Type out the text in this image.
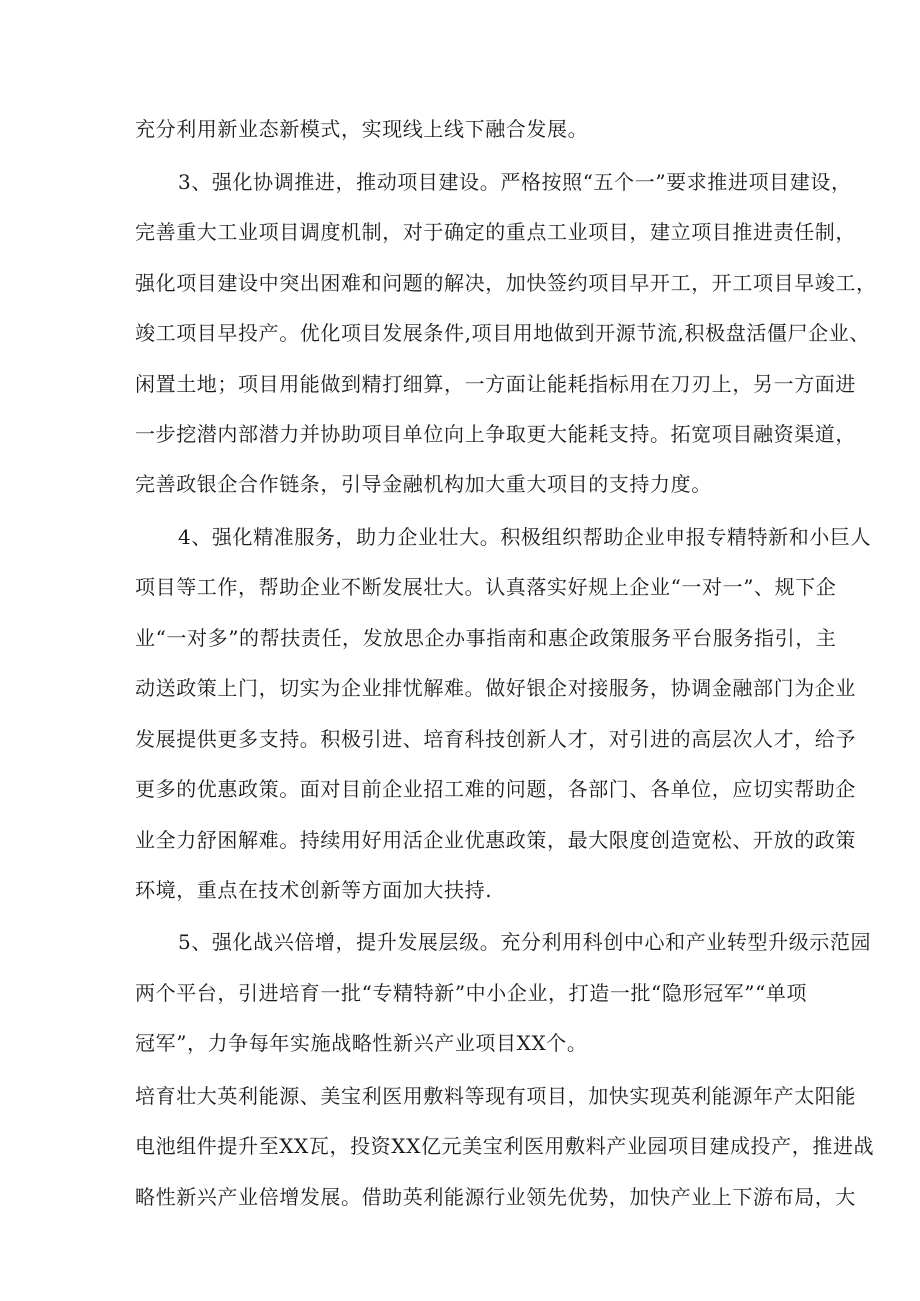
充分利用新业态新模式，实现线上线下融合发展。
3、强化协调推进，推动项目建设。严格按照“五个一”要求推进项目建设，
完善重大工业项目调度机制，对于确定的重点工业项目，建立项目推进责任制，
强化项目建设中突出困难和问题的解决，加快签约项目早开工，开工项目早竣工，
竣工项目早投产。优化项目发展条件,项目用地做到开源节流,积极盘活僵尸企业、
闲置土地；项目用能做到精打细算，一方面让能耗指标用在刀刃上，另一方面进
一步挖潜内部潜力并协助项目单位向上争取更大能耗支持。拓宽项目融资渠道，
完善政银企合作链条，引导金融机构加大重大项目的支持力度。
4、强化精准服务，助力企业壮大。积极组织帮助企业申报专精特新和小巨人
项目等工作，帮助企业不断发展壮大。认真落实好规上企业“一对一”、规下企
业“一对多”的帮扶责任，发放思企办事指南和惠企政策服务平台服务指引，主
动送政策上门，切实为企业排忧解难。做好银企对接服务，协调金融部门为企业
发展提供更多支持。积极引进、培育科技创新人才，对引进的高层次人才，给予
更多的优惠政策。面对目前企业招工难的问题，各部门、各单位，应切实帮助企
业全力舒困解难。持续用好用活企业优惠政策，最大限度创造宽松、开放的政策
环境，重点在技术创新等方面加大扶持.
5、强化战兴倍增，提升发展层级。充分利用科创中心和产业转型升级示范园
两个平台，引进培育一批“专精特新”中小企业，打造一批“隐形冠军”“单项
冠军”，力争每年实施战略性新兴产业项目XX个。
培育壮大英利能源、美宝利医用敷料等现有项目，加快实现英利能源年产太阳能
电池组件提升至XX瓦，投资XX亿元美宝利医用敷料产业园项目建成投产，推进战
略性新兴产业倍增发展。借助英利能源行业领先优势，加快产业上下游布局，大
